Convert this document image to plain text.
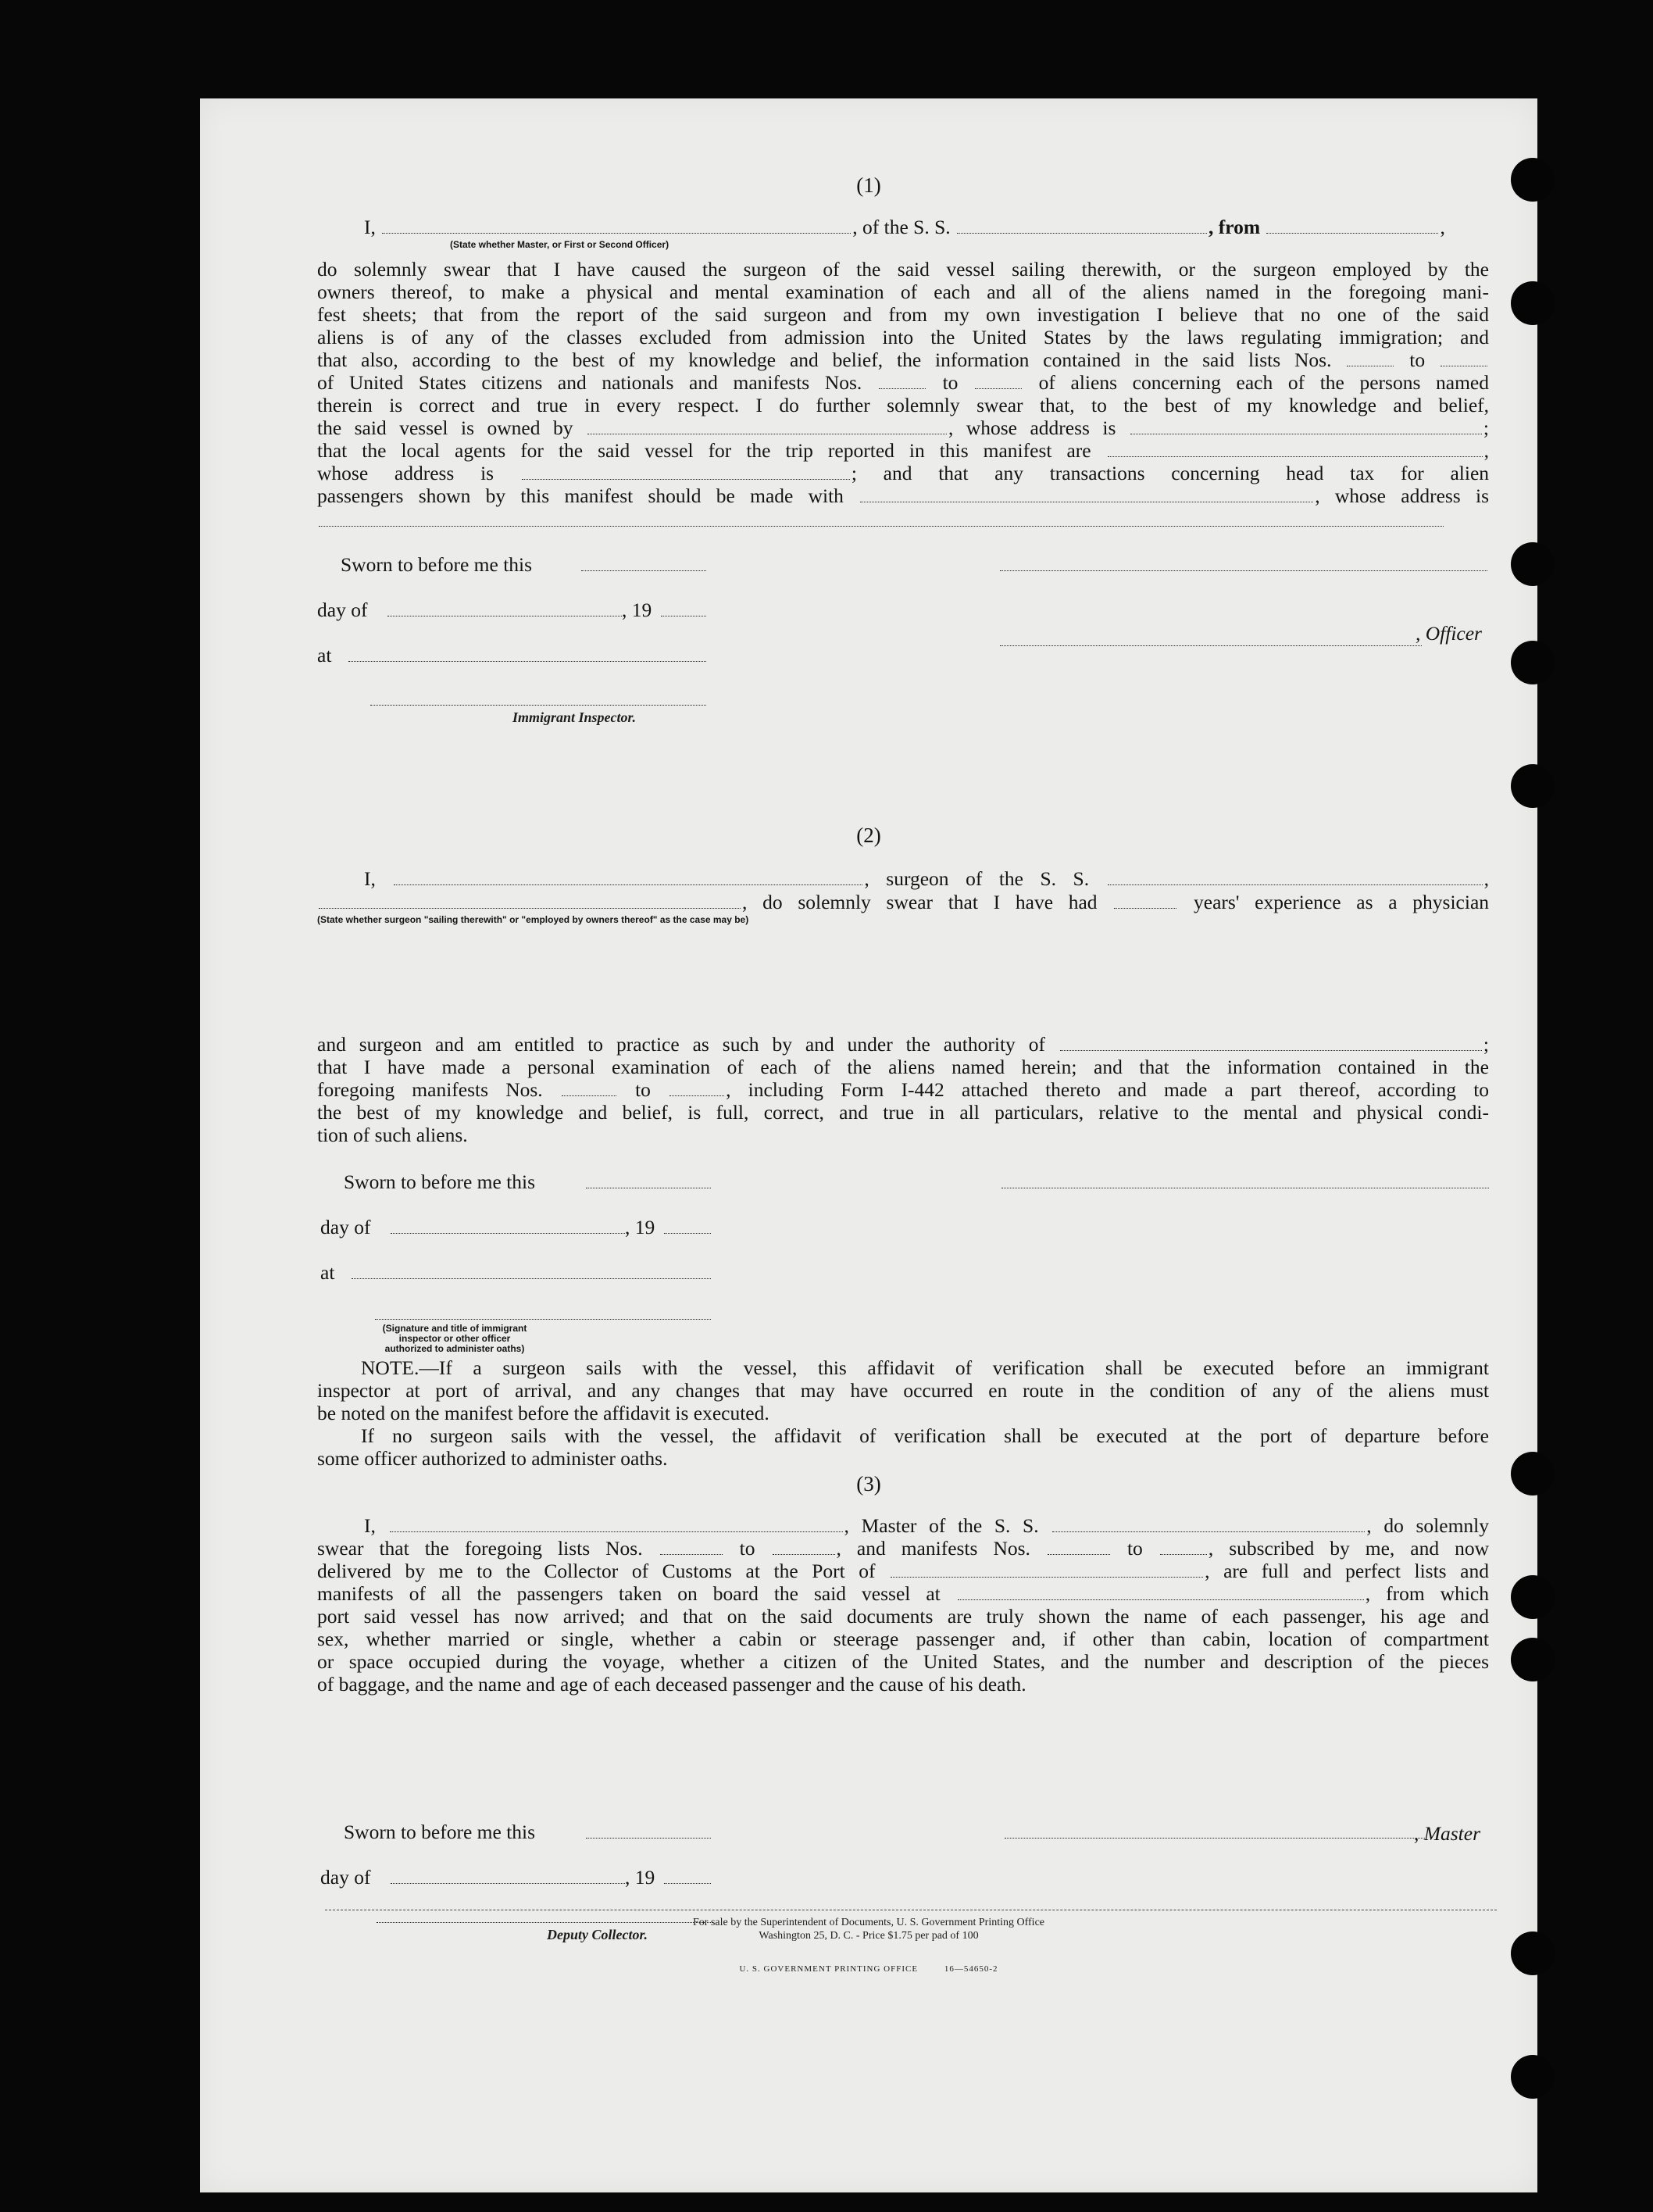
(1)

I,	, of the S. S.	, from	,

(State whether Master, or First or Second Officer)

do solemnly swear that I have caused the surgeon of the said vessel sailing therewith, or the surgeon employed by the

owners thereof, to make a physical and mental examination of each and all of the aliens named in the foregoing mani-

fest sheets; that from the report of the said surgeon and from my own investigation I believe that no one of the said

aliens is of any of the classes excluded from admission into the United States by the laws regulating immigration; and

that also, according to the best of my knowledge and belief, the information contained in the said lists Nos.	to

of United States citizens and nationals and manifests Nos.	to	of aliens concerning each of the persons named

therein is correct and true in every respect. I do further solemnly swear that, to the best of my knowledge and belief,

the said vessel is owned by	, whose address is	;

that the local agents for the said vessel for the trip reported in this manifest are	,

whose address is	; and that any transactions concerning head tax for alien

passengers shown by this manifest should be made with	, whose address is

Sworn to before me this
day of	, 19
, Officer
at
Immigrant Inspector.
(2)

I,	, surgeon of the S. S.	,

, do solemnly swear that I have had	years' experience as a physician

(State whether surgeon "sailing therewith" or "employed by owners thereof" as the case may be)

and surgeon and am entitled to practice as such by and under the authority of	;

that I have made a personal examination of each of the aliens named herein; and that the information contained in the

foregoing manifests Nos.	to	, including Form I-442 attached thereto and made a part thereof, according to

the best of my knowledge and belief, is full, correct, and true in all particulars, relative to the mental and physical condi-

tion of such aliens.

Sworn to before me this
day of	, 19
at
(Signature and title of immigrant inspector or other officer authorized to administer oaths)

NOTE.—If a surgeon sails with the vessel, this affidavit of verification shall be executed before an immigrant

inspector at port of arrival, and any changes that may have occurred en route in the condition of any of the aliens must

be noted on the manifest before the affidavit is executed.

If no surgeon sails with the vessel, the affidavit of verification shall be executed at the port of departure before

some officer authorized to administer oaths.

(3)

I,	, Master of the S. S.	, do solemnly

swear that the foregoing lists Nos.	to	, and manifests Nos.	to	, subscribed by me, and now

delivered by me to the Collector of Customs at the Port of	, are full and perfect lists and

manifests of all the passengers taken on board the said vessel at	, from which

port said vessel has now arrived; and that on the said documents are truly shown the name of each passenger, his age and

sex, whether married or single, whether a cabin or steerage passenger and, if other than cabin, location of compartment

or space occupied during the voyage, whether a citizen of the United States, and the number and description of the pieces

of baggage, and the name and age of each deceased passenger and the cause of his death.

Sworn to before me this	, Master
day of	, 19
Deputy Collector.
U. S. GOVERNMENT PRINTING OFFICE	16—54650-2
For sale by the Superintendent of Documents, U. S. Government Printing Office
Washington 25, D. C. - Price $1.75 per pad of 100
